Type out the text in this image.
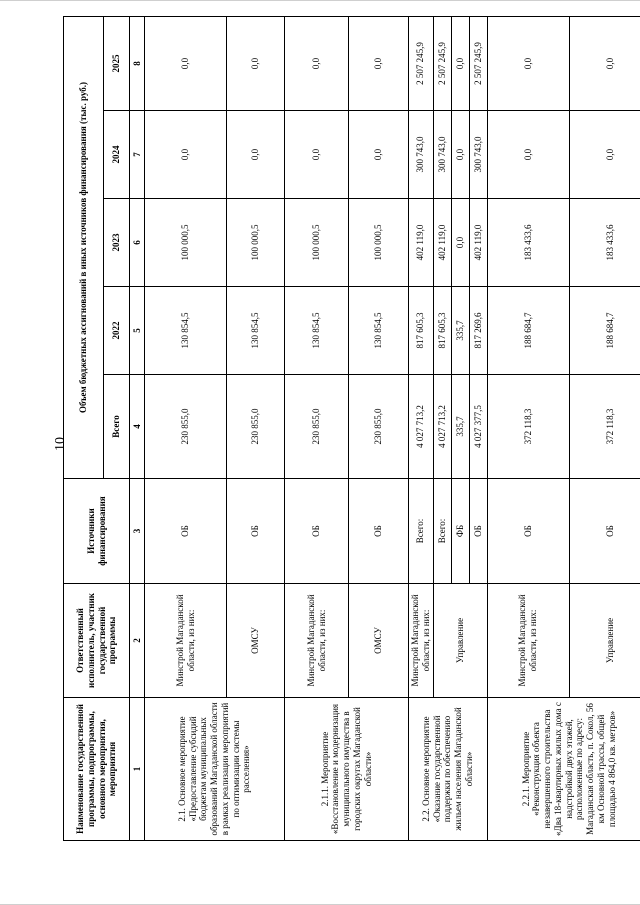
10
Наименование государственной программы, подпрограммы, основного мероприятия, мероприятия	Ответственный исполнитель, участник государственной программы	Источники финансирования	Объем бюджетных ассигнований в иных источников финансирования (тыс. руб.)				
			Всего	2022	2023	2024	2025
1	2	3	4	5	6	7	8
2.1. Основное мероприятие «Предоставление субсидий бюджетам муниципальных образований Магаданской области в рамках реализации мероприятий по оптимизации системы расселения»	Минстрой Магаданской области, из них:	ОБ	230 855,0	130 854,5	100 000,5	0,0	0,0
	ОМСУ	ОБ	230 855,0	130 854,5	100 000,5	0,0	0,0
2.1.1. Мероприятие «Восстановление и модернизация муниципального имущества в городских округах Магаданской области»	Минстрой Магаданской области, из них:	ОБ	230 855,0	130 854,5	100 000,5	0,0	0,0
	ОМСУ	ОБ	230 855,0	130 854,5	100 000,5	0,0	0,0
2.2. Основное мероприятие «Оказание государственной поддержки по обеспечению жильем населения Магаданской области»	Минстрой Магаданской области, из них:	Всего:	4 027 713,2	817 605,3	402 119,0	300 743,0	2 507 245,9
	Управление	Всего:	4 027 713,2	817 605,3	402 119,0	300 743,0	2 507 245,9
		ФБ	335,7	335,7	0,0	0,0	0,0
		ОБ	4 027 377,5	817 269,6	402 119,0	300 743,0	2 507 245,9
2.2.1. Мероприятие «Реконструкция объекта незавершенного строительства «Два 18-квартирных жилых дома с надстройкой двух этажей, расположенные по адресу: Магаданская область, п. Сокол, 56 км Основной трассы, общей площадью 4 864,0 кв. метров»	Минстрой Магаданской области, из них:	ОБ	372 118,3	188 684,7	183 433,6	0,0	0,0
	Управление	ОБ	372 118,3	188 684,7	183 433,6	0,0	0,0
